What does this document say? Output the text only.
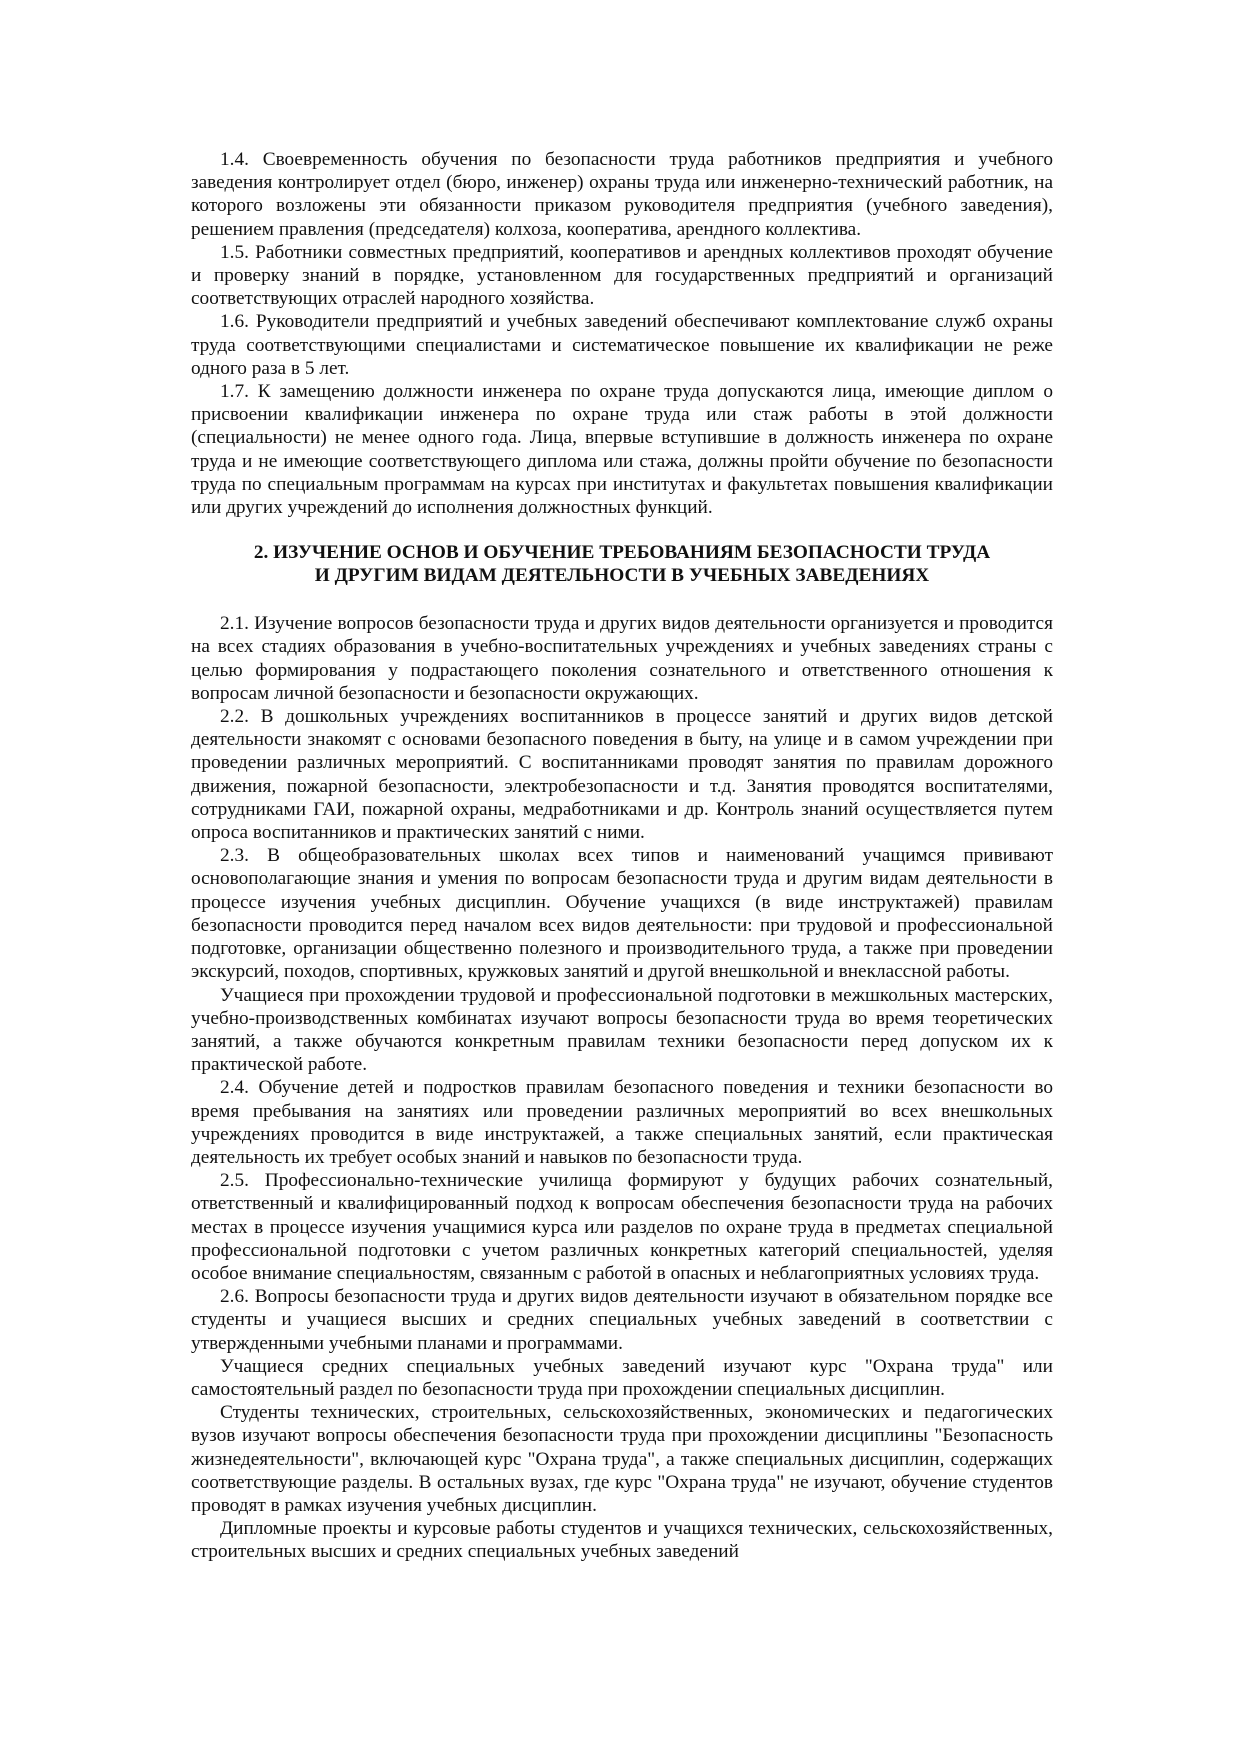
1.4. Своевременность обучения по безопасности труда работников предприятия и учебного заведения контролирует отдел (бюро, инженер) охраны труда или инженерно-технический работник, на которого возложены эти обязанности приказом руководителя предприятия (учебного заведения), решением правления (председателя) колхоза, кооператива, арендного коллектива.

1.5. Работники совместных предприятий, кооперативов и арендных коллективов проходят обучение и проверку знаний в порядке, установленном для государственных предприятий и организаций соответствующих отраслей народного хозяйства.

1.6. Руководители предприятий и учебных заведений обеспечивают комплектование служб охраны труда соответствующими специалистами и систематическое повышение их квалификации не реже одного раза в 5 лет.

1.7. К замещению должности инженера по охране труда допускаются лица, имеющие диплом о присвоении квалификации инженера по охране труда или стаж работы в этой должности (специальности) не менее одного года. Лица, впервые вступившие в должность инженера по охране труда и не имеющие соответствующего диплома или стажа, должны пройти обучение по безопасности труда по специальным программам на курсах при институтах и факультетах повышения квалификации или других учреждений до исполнения должностных функций.

2. ИЗУЧЕНИЕ ОСНОВ И ОБУЧЕНИЕ ТРЕБОВАНИЯМ БЕЗОПАСНОСТИ ТРУДА
И ДРУГИМ ВИДАМ ДЕЯТЕЛЬНОСТИ В УЧЕБНЫХ ЗАВЕДЕНИЯХ

2.1. Изучение вопросов безопасности труда и других видов деятельности организуется и проводится на всех стадиях образования в учебно-воспитательных учреждениях и учебных заведениях страны с целью формирования у подрастающего поколения сознательного и ответственного отношения к вопросам личной безопасности и безопасности окружающих.

2.2. В дошкольных учреждениях воспитанников в процессе занятий и других видов детской деятельности знакомят с основами безопасного поведения в быту, на улице и в самом учреждении при проведении различных мероприятий. С воспитанниками проводят занятия по правилам дорожного движения, пожарной безопасности, электробезопасности и т.д. Занятия проводятся воспитателями, сотрудниками ГАИ, пожарной охраны, медработниками и др. Контроль знаний осуществляется путем опроса воспитанников и практических занятий с ними.

2.3. В общеобразовательных школах всех типов и наименований учащимся прививают основополагающие знания и умения по вопросам безопасности труда и другим видам деятельности в процессе изучения учебных дисциплин. Обучение учащихся (в виде инструктажей) правилам безопасности проводится перед началом всех видов деятельности: при трудовой и профессиональной подготовке, организации общественно полезного и производительного труда, а также при проведении экскурсий, походов, спортивных, кружковых занятий и другой внешкольной и внеклассной работы.

Учащиеся при прохождении трудовой и профессиональной подготовки в межшкольных мастерских, учебно-производственных комбинатах изучают вопросы безопасности труда во время теоретических занятий, а также обучаются конкретным правилам техники безопасности перед допуском их к практической работе.

2.4. Обучение детей и подростков правилам безопасного поведения и техники безопасности во время пребывания на занятиях или проведении различных мероприятий во всех внешкольных учреждениях проводится в виде инструктажей, а также специальных занятий, если практическая деятельность их требует особых знаний и навыков по безопасности труда.

2.5. Профессионально-технические училища формируют у будущих рабочих сознательный, ответственный и квалифицированный подход к вопросам обеспечения безопасности труда на рабочих местах в процессе изучения учащимися курса или разделов по охране труда в предметах специальной профессиональной подготовки с учетом различных конкретных категорий специальностей, уделяя особое внимание специальностям, связанным с работой в опасных и неблагоприятных условиях труда.

2.6. Вопросы безопасности труда и других видов деятельности изучают в обязательном порядке все студенты и учащиеся высших и средних специальных учебных заведений в соответствии с утвержденными учебными планами и программами.

Учащиеся средних специальных учебных заведений изучают курс "Охрана труда" или самостоятельный раздел по безопасности труда при прохождении специальных дисциплин.

Студенты технических, строительных, сельскохозяйственных, экономических и педагогических вузов изучают вопросы обеспечения безопасности труда при прохождении дисциплины "Безопасность жизнедеятельности", включающей курс "Охрана труда", а также специальных дисциплин, содержащих соответствующие разделы. В остальных вузах, где курс "Охрана труда" не изучают, обучение студентов проводят в рамках изучения учебных дисциплин.

Дипломные проекты и курсовые работы студентов и учащихся технических, сельскохозяйственных, строительных высших и средних специальных учебных заведений
